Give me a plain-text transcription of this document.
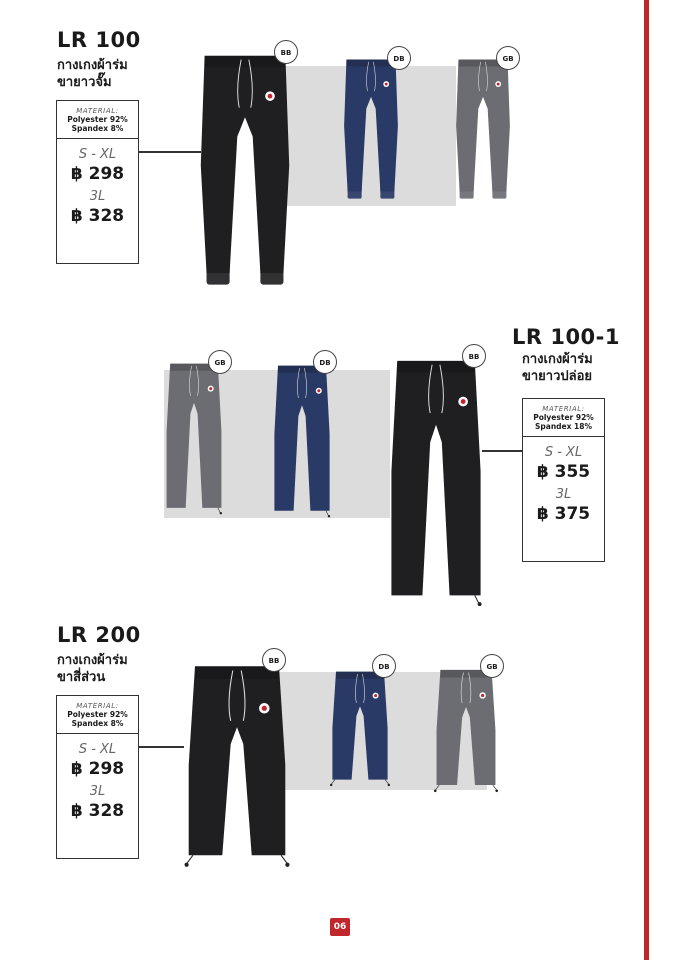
LR 100
กางเกงผ้าร่ม
ขายาวจั๊ม
MATERIAL:
Polyester 92%
Spandex 8%
S - XL
฿ 298
3L
฿ 328
BB
DB	GB
LR 100-1
กางเกงผ้าร่ม
ขายาวปล่อย
MATERIAL:
Polyester 92%
Spandex 18%
S - XL
฿ 355
3L
฿ 375
GB	DB
BB
LR 200
กางเกงผ้าร่ม
ขาสี่ส่วน
MATERIAL:
Polyester 92%
Spandex 8%
S - XL
฿ 298
3L
฿ 328
BB
DB	GB
06
